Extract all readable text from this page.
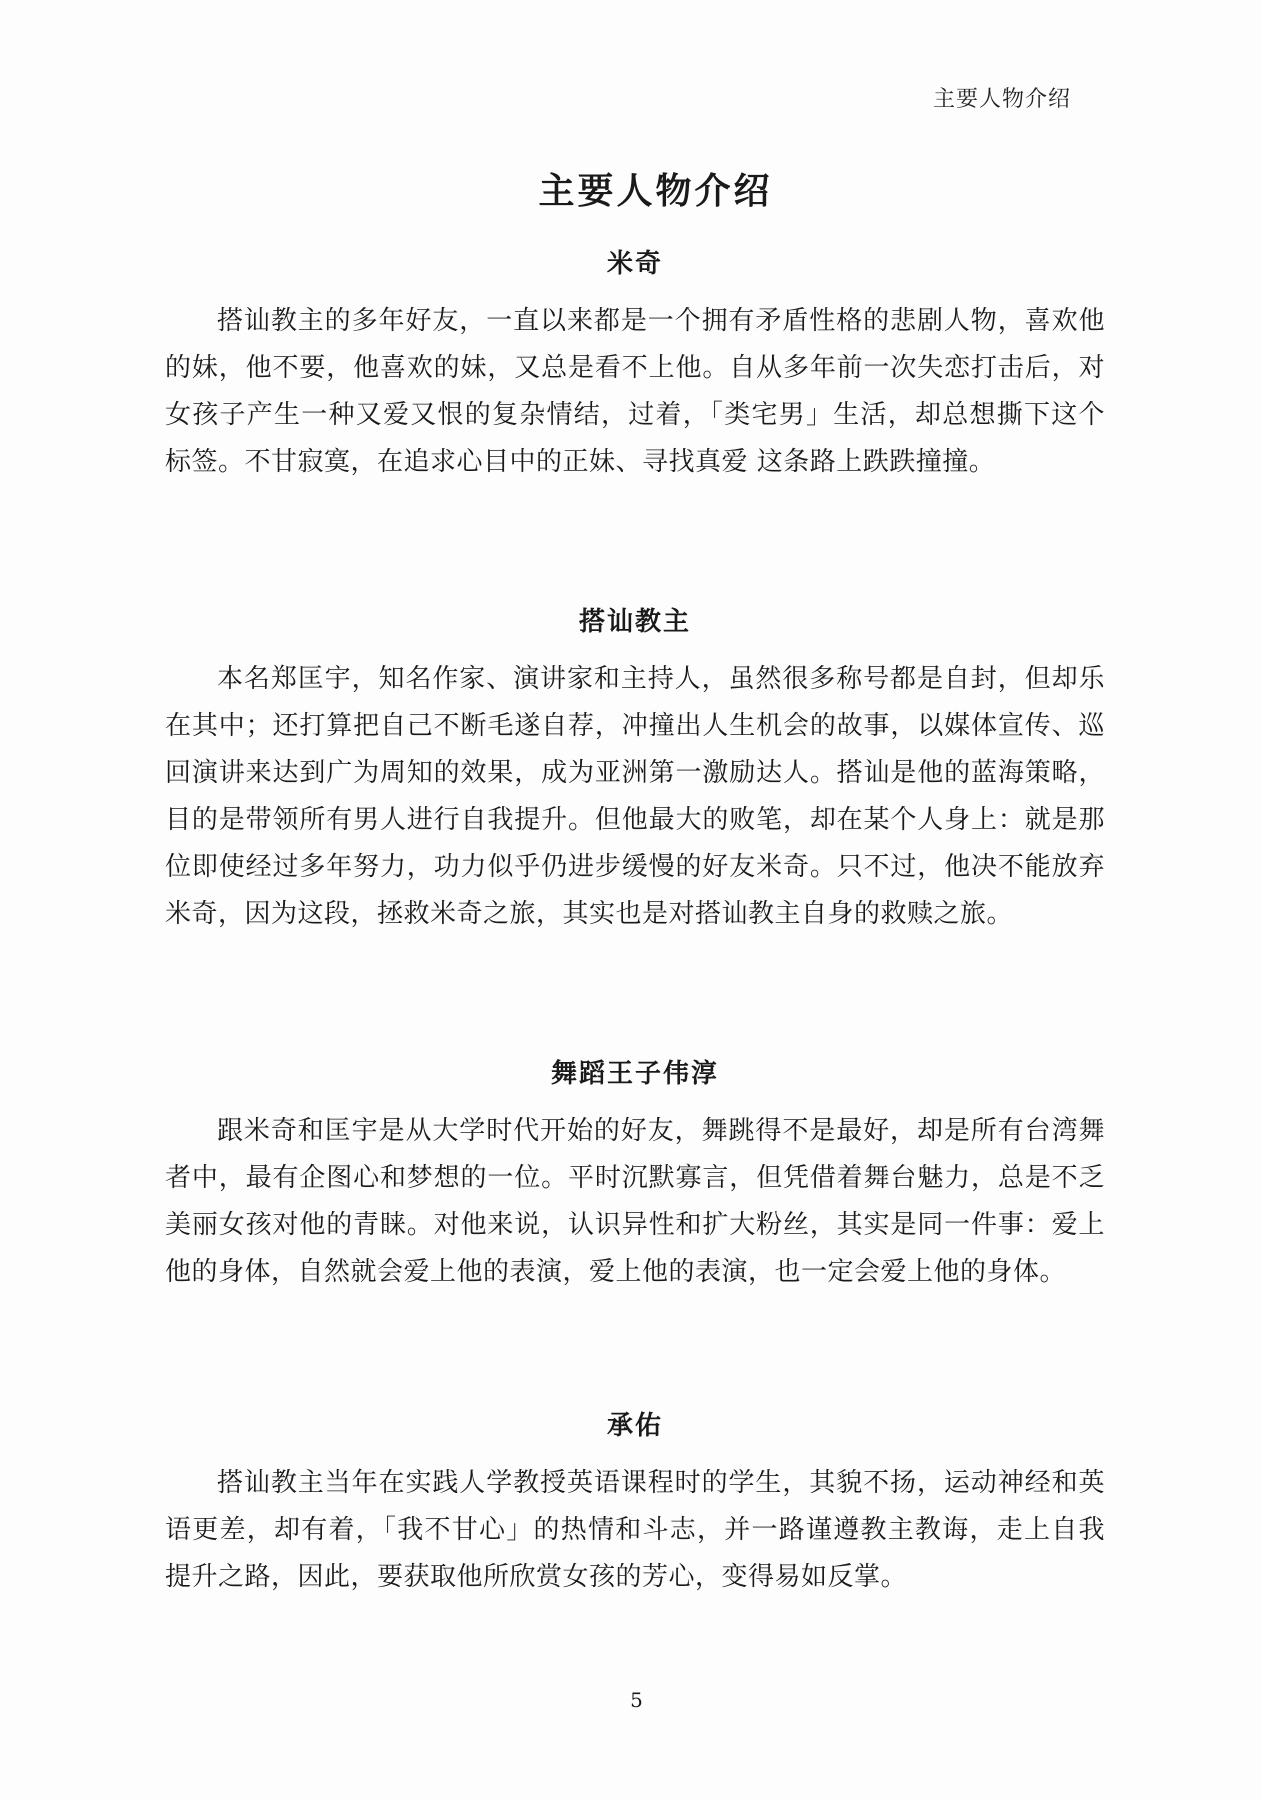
主要人物介绍
主要人物介绍
米奇

搭讪教主的多年好友，一直以来都是一个拥有矛盾性格的悲剧人物，喜欢他的妹，他不要，他喜欢的妹，又总是看不上他。自从多年前一次失恋打击后，对女孩子产生一种又爱又恨的复杂情结，过着，「类宅男」生活，却总想撕下这个标签。不甘寂寞，在追求心目中的正妹、寻找真爱 这条路上跌跌撞撞。

搭讪教主

本名郑匡宇，知名作家、演讲家和主持人，虽然很多称号都是自封，但却乐在其中；还打算把自己不断毛遂自荐，冲撞出人生机会的故事，以媒体宣传、巡回演讲来达到广为周知的效果，成为亚洲第一激励达人。搭讪是他的蓝海策略，目的是带领所有男人进行自我提升。但他最大的败笔，却在某个人身上：就是那位即使经过多年努力，功力似乎仍进步缓慢的好友米奇。只不过，他决不能放弃米奇，因为这段，拯救米奇之旅，其实也是对搭讪教主自身的救赎之旅。

舞蹈王子伟淳

跟米奇和匡宇是从大学时代开始的好友，舞跳得不是最好，却是所有台湾舞者中，最有企图心和梦想的一位。平时沉默寡言，但凭借着舞台魅力，总是不乏美丽女孩对他的青睐。对他来说，认识异性和扩大粉丝，其实是同一件事：爱上他的身体，自然就会爱上他的表演，爱上他的表演，也一定会爱上他的身体。

承佑

搭讪教主当年在实践人学教授英语课程时的学生，其貌不扬，运动神经和英语更差，却有着，「我不甘心」的热情和斗志，并一路谨遵教主教诲，走上自我提升之路，因此，要获取他所欣赏女孩的芳心，变得易如反掌。

5
